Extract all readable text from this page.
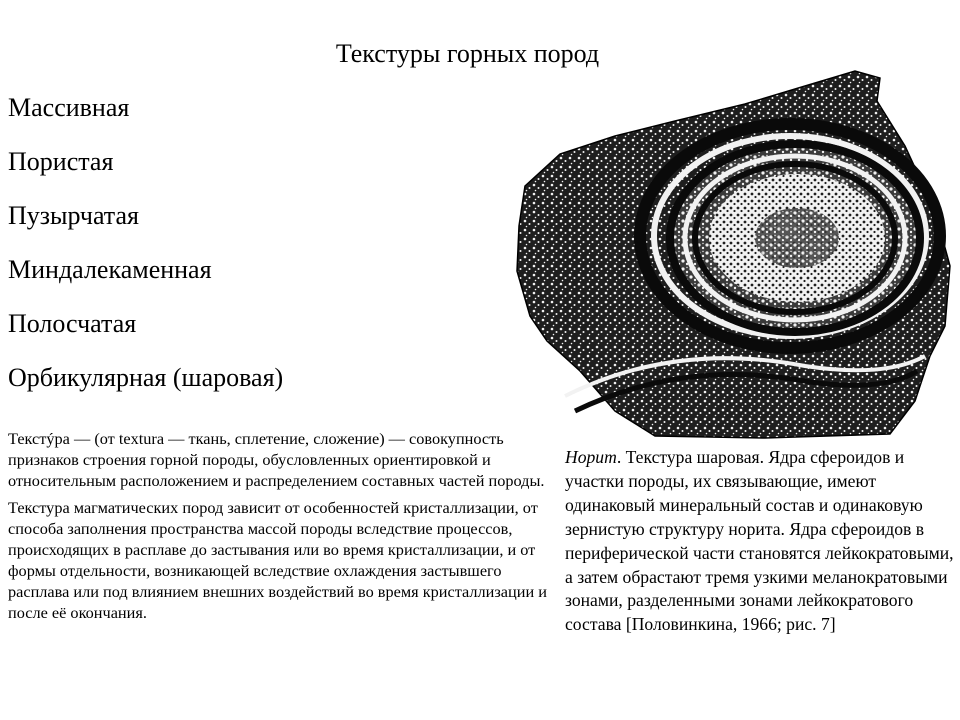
Текстуры горных пород
Массивная
Пористая
Пузырчатая
Миндалекаменная
Полосчатая
Орбикулярная (шаровая)

Текстýра — (от textura — ткань, сплетение, сложение) — совокупность признаков строения горной породы, обусловленных ориентировкой и относительным расположением и распределением составных частей породы.

Текстура магматических пород зависит от особенностей кристаллизации, от способа заполнения пространства массой породы вследствие процессов, происходящих в расплаве до застывания или во время кристаллизации, и от формы отдельности, возникающей вследствие охлаждения застывшего расплава или под влиянием внешних воздействий во время кристаллизации и после её окончания.

Норит. Текстура шаровая. Ядра сфероидов и участки породы, их связывающие, имеют одинаковый минеральный состав и одинаковую зернистую структуру норита. Ядра сфероидов в периферической части становятся лейкократовыми, а затем обрастают тремя узкими меланократовыми зонами, разделенными зонами лейкократового состава [Половинкина, 1966; рис. 7]
